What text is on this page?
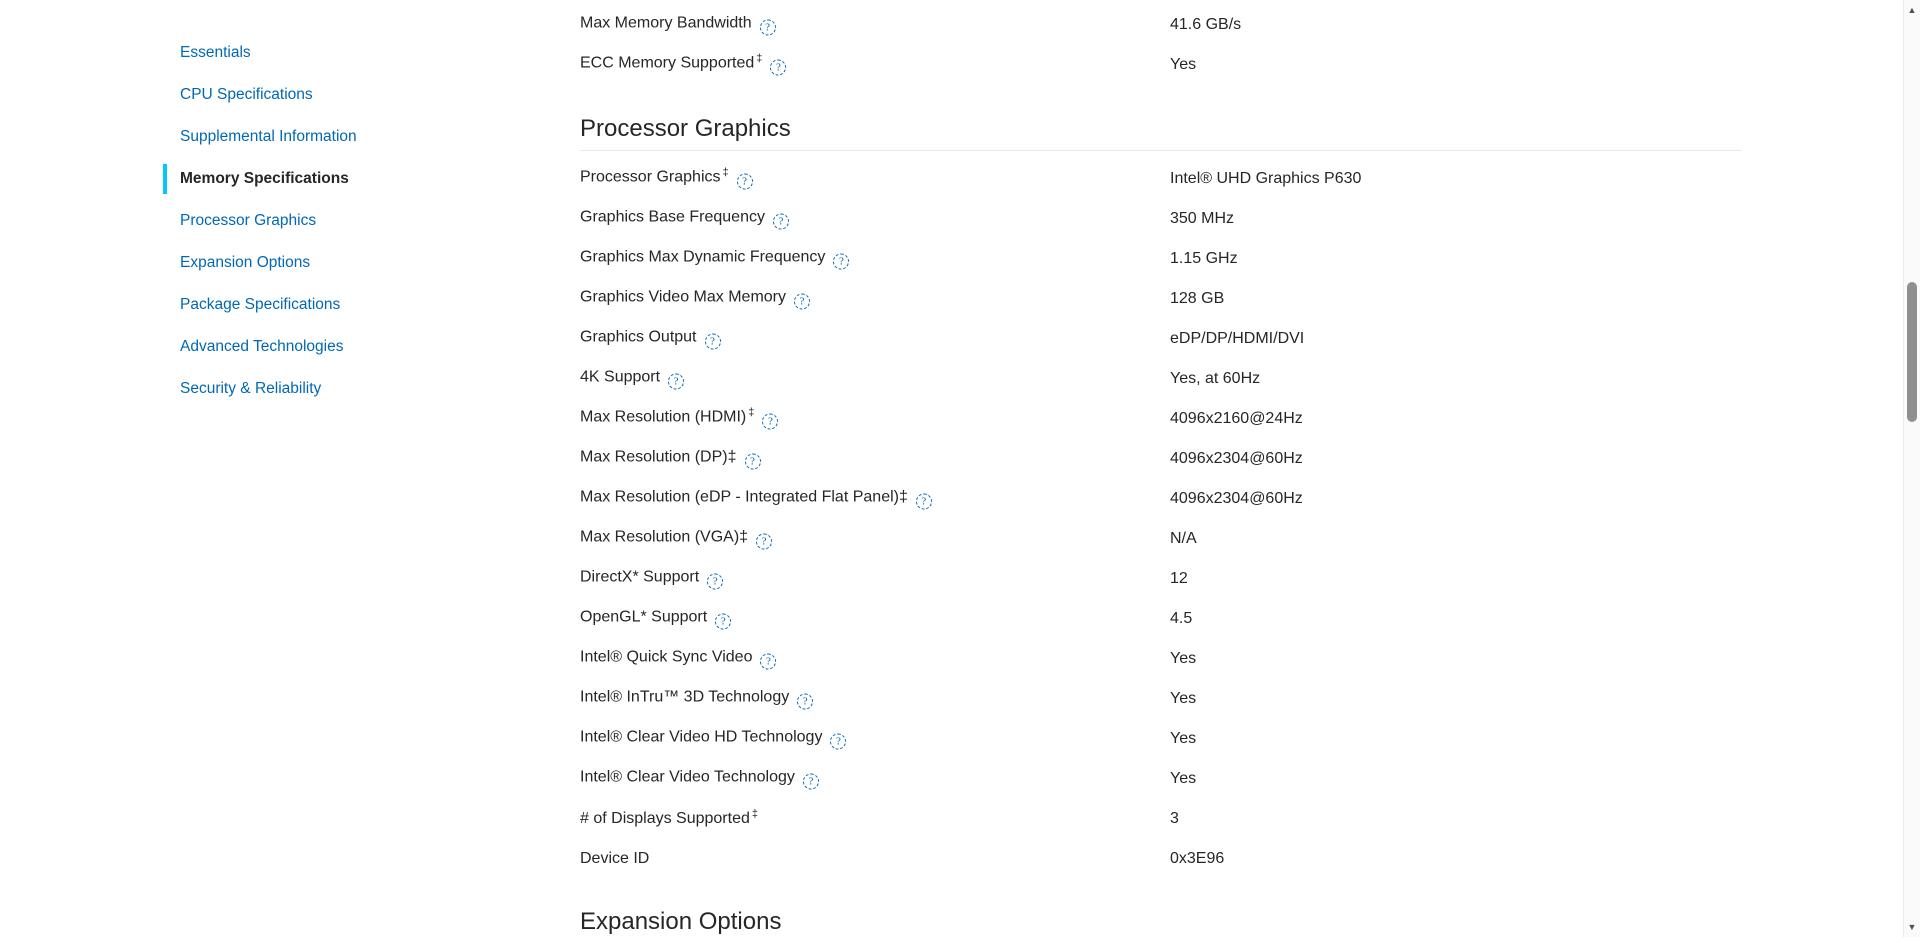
Essentials
CPU Specifications
Supplemental Information
Memory Specifications
Processor Graphics
Expansion Options
Package Specifications
Advanced Technologies
Security & Reliability
Max Memory Bandwidth ?	41.6 GB/s
ECC Memory Supported ‡?	Yes
Processor Graphics
Processor Graphics ‡?	Intel® UHD Graphics P630
Graphics Base Frequency ?	350 MHz
Graphics Max Dynamic Frequency ?	1.15 GHz
Graphics Video Max Memory ?	128 GB
Graphics Output ?	eDP/DP/HDMI/DVI
4K Support ?	Yes, at 60Hz
Max Resolution (HDMI) ‡?	4096x2160@24Hz
Max Resolution (DP)‡ ?	4096x2304@60Hz
Max Resolution (eDP - Integrated Flat Panel)‡ ?	4096x2304@60Hz
Max Resolution (VGA)‡ ?	N/A
DirectX* Support ?	12
OpenGL* Support ?	4.5
Intel® Quick Sync Video ?	Yes
Intel® InTru™ 3D Technology ?	Yes
Intel® Clear Video HD Technology ?	Yes
Intel® Clear Video Technology ?	Yes
# of Displays Supported ‡	3
Device ID	0x3E96
Expansion Options
▲
▼
